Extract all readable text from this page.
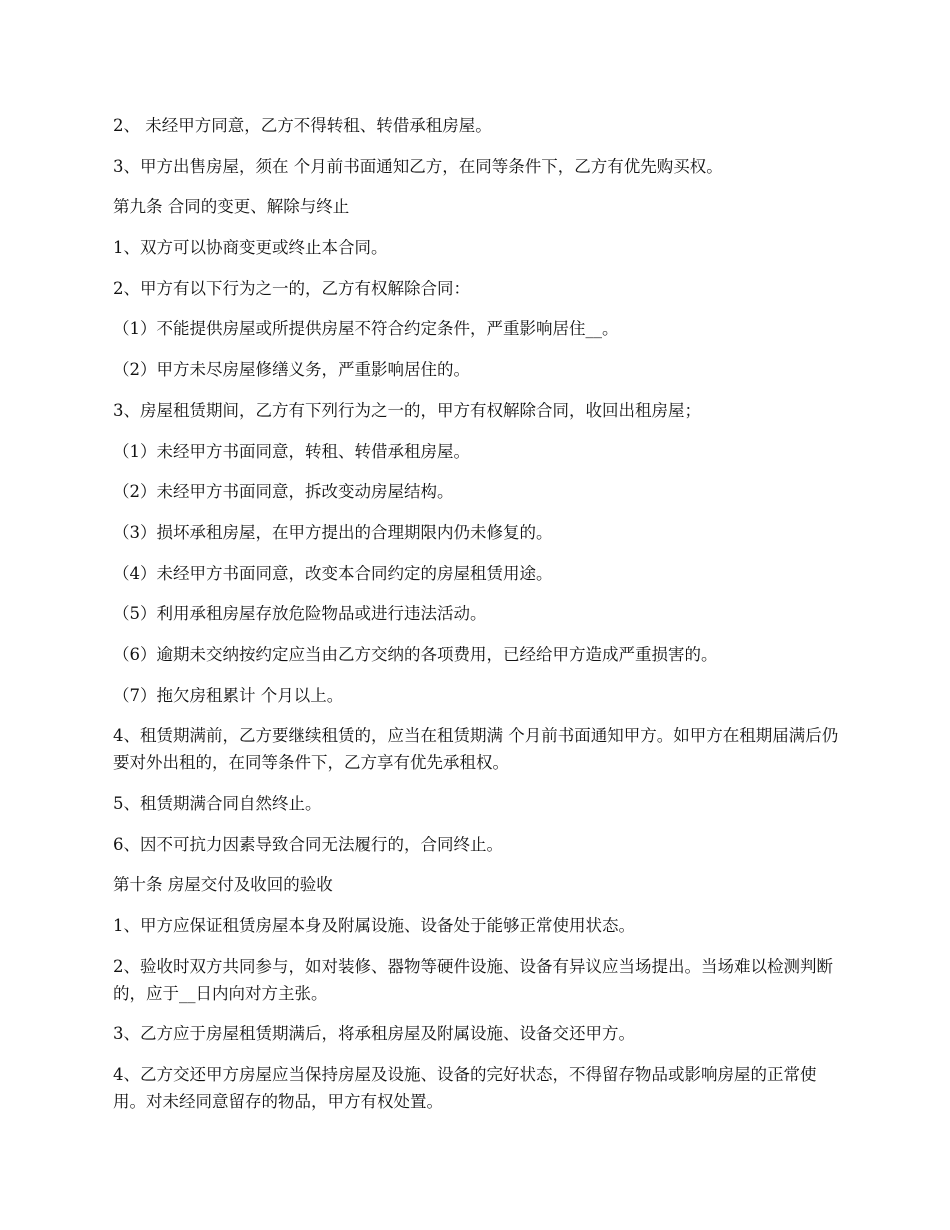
2、 未经甲方同意，乙方不得转租、转借承租房屋。

3、甲方出售房屋，须在 个月前书面通知乙方，在同等条件下，乙方有优先购买权。

第九条 合同的变更、解除与终止

1、双方可以协商变更或终止本合同。

2、甲方有以下行为之一的，乙方有权解除合同：

（1）不能提供房屋或所提供房屋不符合约定条件，严重影响居住__。

（2）甲方未尽房屋修缮义务，严重影响居住的。

3、房屋租赁期间，乙方有下列行为之一的，甲方有权解除合同，收回出租房屋；

（1）未经甲方书面同意，转租、转借承租房屋。

（2）未经甲方书面同意，拆改变动房屋结构。

（3）损坏承租房屋，在甲方提出的合理期限内仍未修复的。

（4）未经甲方书面同意，改变本合同约定的房屋租赁用途。

（5）利用承租房屋存放危险物品或进行违法活动。

（6）逾期未交纳按约定应当由乙方交纳的各项费用，已经给甲方造成严重损害的。

（7）拖欠房租累计 个月以上。

4、租赁期满前，乙方要继续租赁的，应当在租赁期满 个月前书面通知甲方。如甲方在租期届满后仍要对外出租的，在同等条件下，乙方享有优先承租权。

5、租赁期满合同自然终止。

6、因不可抗力因素导致合同无法履行的，合同终止。

第十条 房屋交付及收回的验收

1、甲方应保证租赁房屋本身及附属设施、设备处于能够正常使用状态。

2、验收时双方共同参与，如对装修、器物等硬件设施、设备有异议应当场提出。当场难以检测判断的，应于__日内向对方主张。

3、乙方应于房屋租赁期满后，将承租房屋及附属设施、设备交还甲方。

4、乙方交还甲方房屋应当保持房屋及设施、设备的完好状态，不得留存物品或影响房屋的正常使用。对未经同意留存的物品，甲方有权处置。
